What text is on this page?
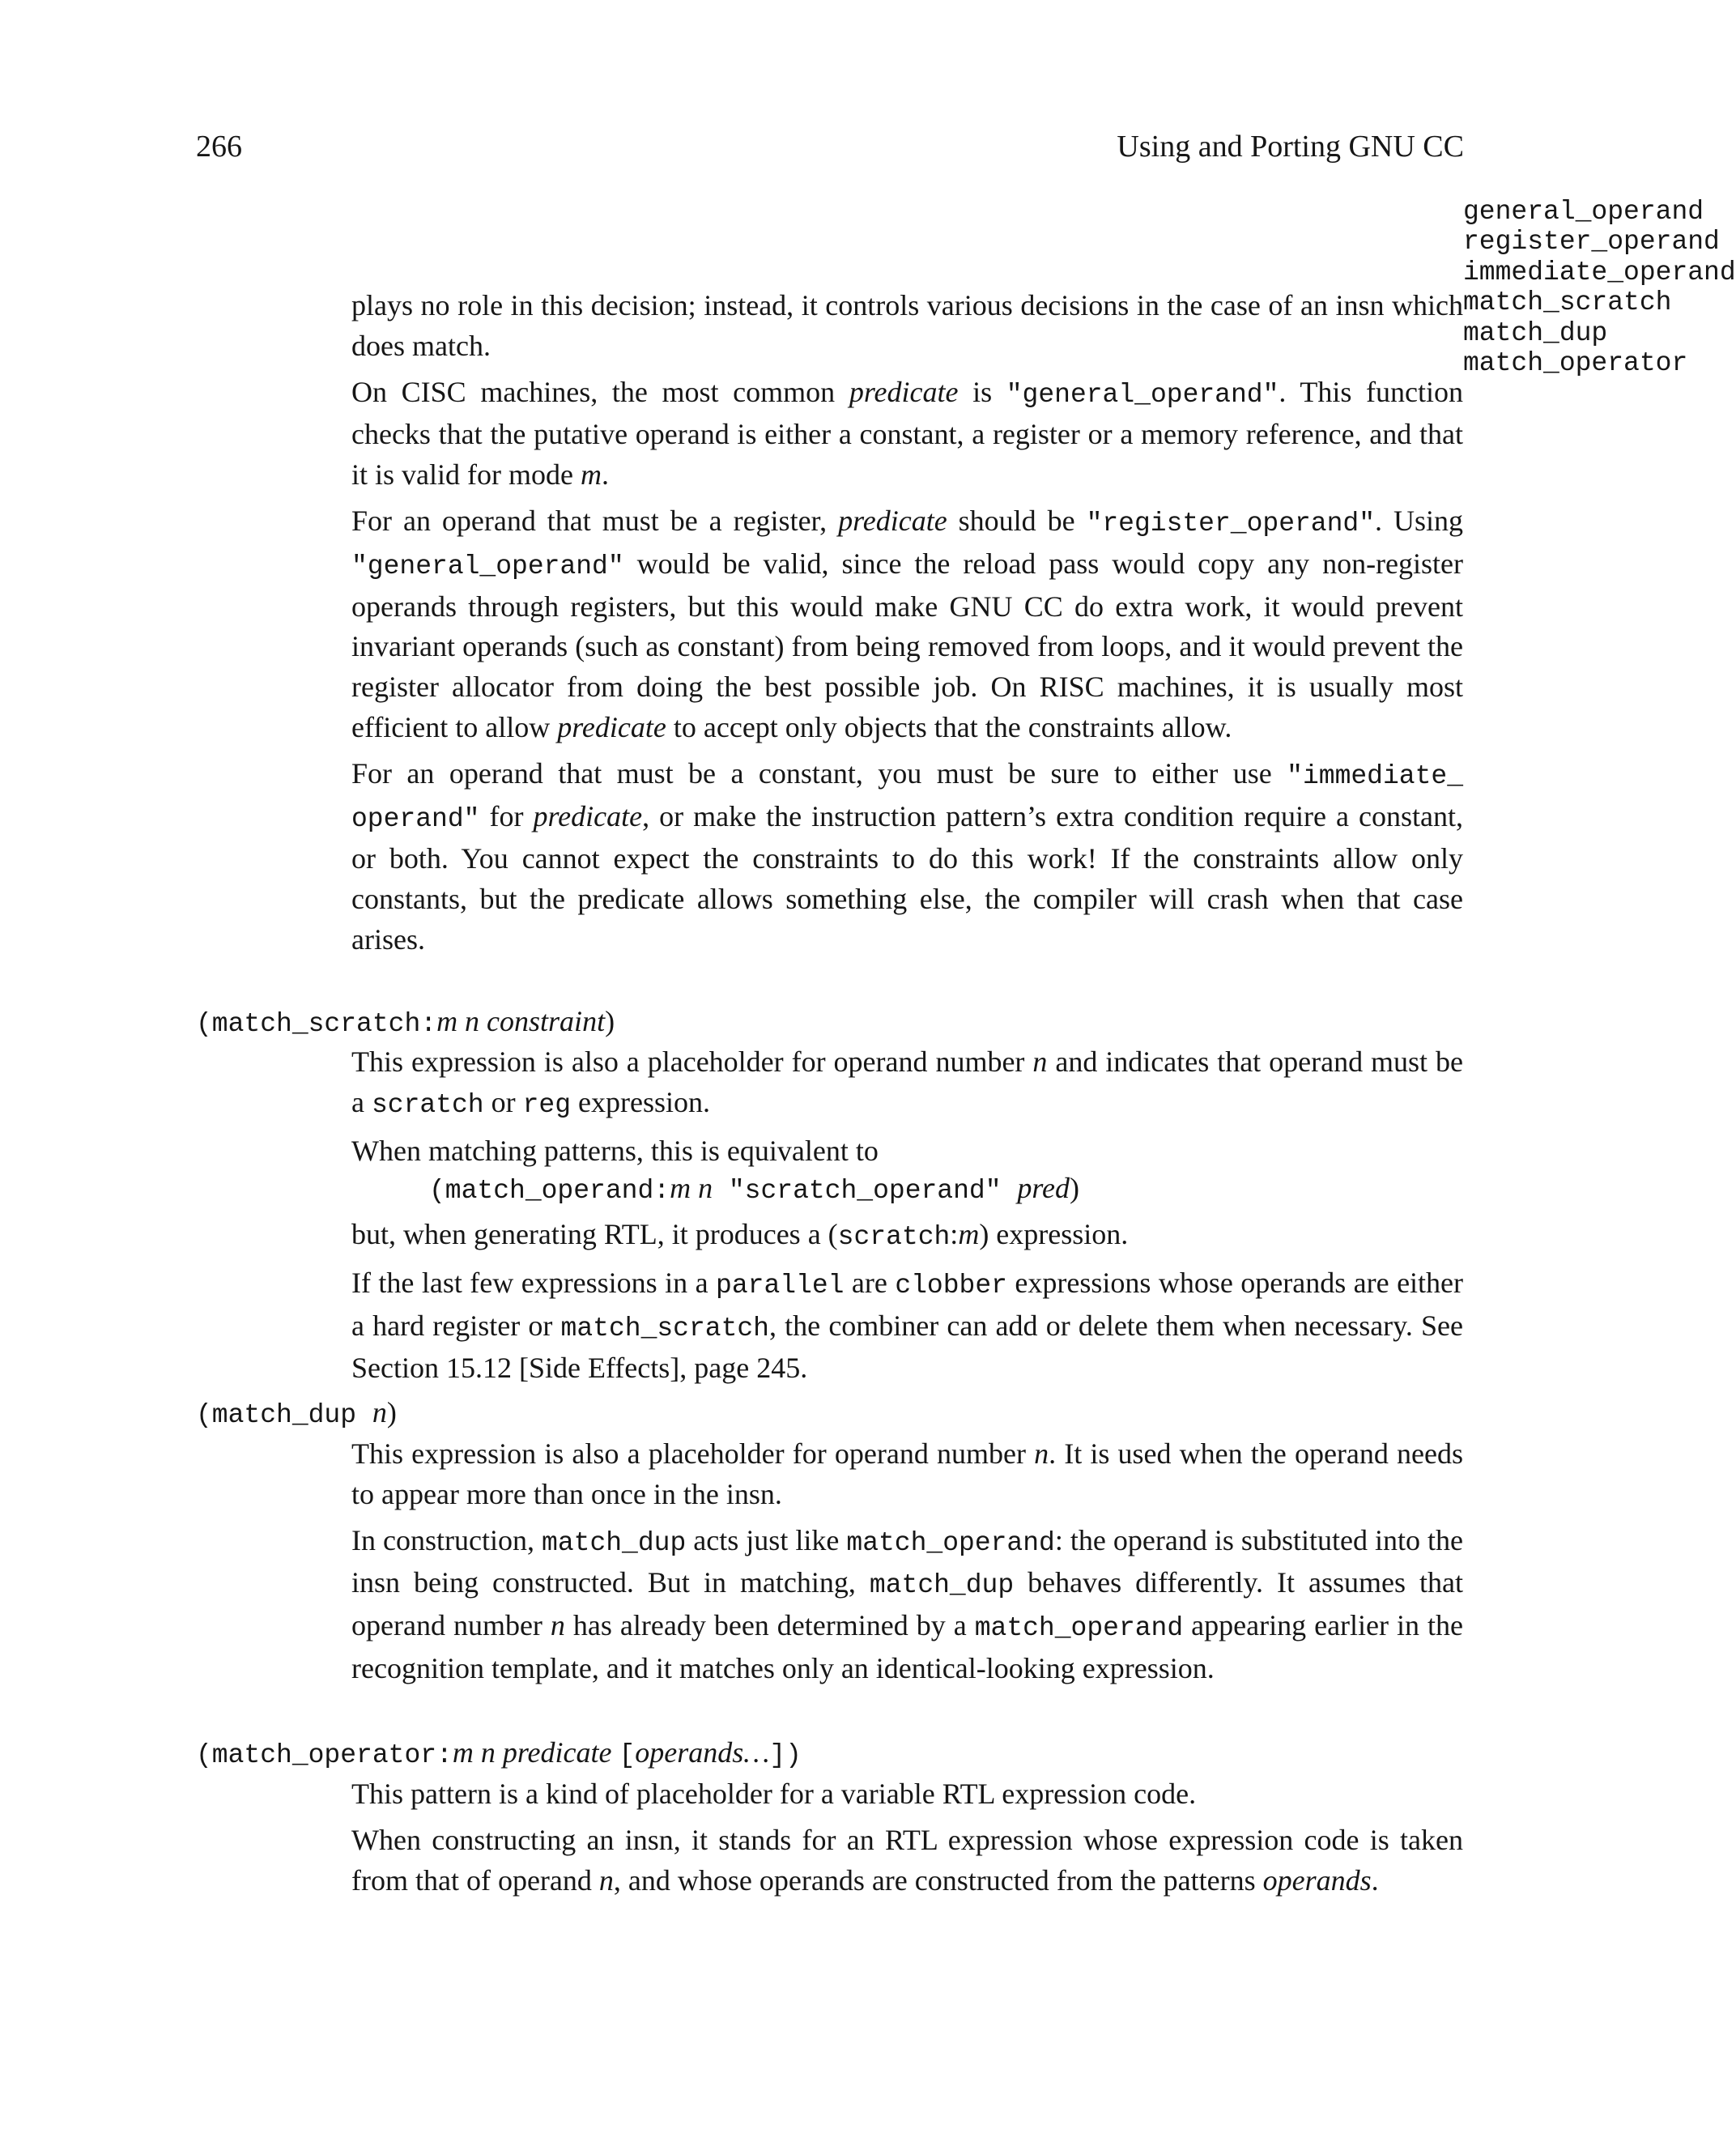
266	Using and Porting GNU CC
general_operand
register_operand
immediate_operand
match_scratch
match_dup
match_operator

plays no role in this decision; instead, it controls various decisions in the case of an insn which does match.

On CISC machines, the most common predicate is "general_operand". This function checks that the putative operand is either a constant, a register or a memory reference, and that it is valid for mode m.

For an operand that must be a register, predicate should be "register_operand". Using "general_operand" would be valid, since the reload pass would copy any non-register operands through registers, but this would make GNU CC do extra work, it would prevent invariant operands (such as constant) from being removed from loops, and it would prevent the register allocator from doing the best possible job. On RISC machines, it is usually most efficient to allow predicate to accept only objects that the constraints allow.

For an operand that must be a constant, you must be sure to either use "immediate_ operand" for predicate, or make the instruction pattern’s extra condition require a constant, or both. You cannot expect the constraints to do this work! If the constraints allow only constants, but the predicate allows something else, the compiler will crash when that case arises.

(match_scratch:m n constraint)

This expression is also a placeholder for operand number n and indicates that operand must be a scratch or reg expression.

When matching patterns, this is equivalent to

(match_operand:m n "scratch_operand" pred)

but, when generating RTL, it produces a (scratch:m) expression.

If the last few expressions in a parallel are clobber expressions whose operands are either a hard register or match_scratch, the combiner can add or delete them when necessary. See Section 15.12 [Side Effects], page 245.

(match_dup n)

This expression is also a placeholder for operand number n. It is used when the operand needs to appear more than once in the insn.

In construction, match_dup acts just like match_operand: the operand is substituted into the insn being constructed. But in matching, match_dup behaves differently. It assumes that operand number n has already been determined by a match_operand appearing earlier in the recognition template, and it matches only an identical-looking expression.

(match_operator:m n predicate [operands…])

This pattern is a kind of placeholder for a variable RTL expression code.

When constructing an insn, it stands for an RTL expression whose expression code is taken from that of operand n, and whose operands are constructed from the patterns operands.
